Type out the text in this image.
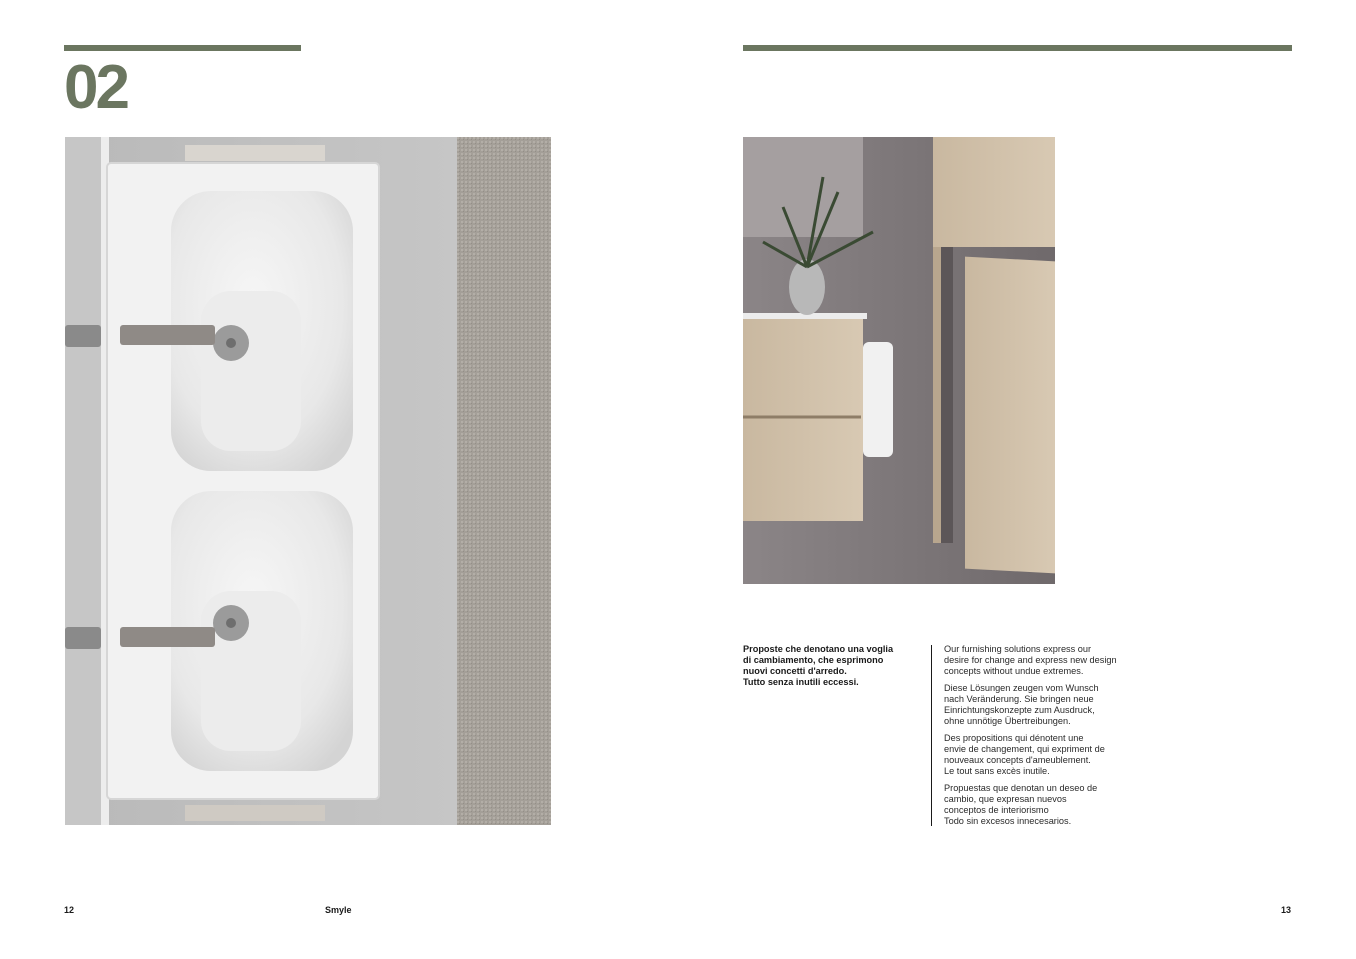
02
Proposte che denotano una voglia
di cambiamento, che esprimono
nuovi concetti d'arredo.
Tutto senza inutili eccessi.
Our furnishing solutions express our
desire for change and express new design
concepts without undue extremes.
Diese Lösungen zeugen vom Wunsch
nach Veränderung. Sie bringen neue
Einrichtungskonzepte zum Ausdruck,
ohne unnötige Übertreibungen.
Des propositions qui dénotent une
envie de changement, qui expriment de
nouveaux concepts d'ameublement.
Le tout sans excès inutile.
Propuestas que denotan un deseo de
cambio, que expresan nuevos
conceptos de interiorismo
Todo sin excesos innecesarios.
12	Smyle	13
